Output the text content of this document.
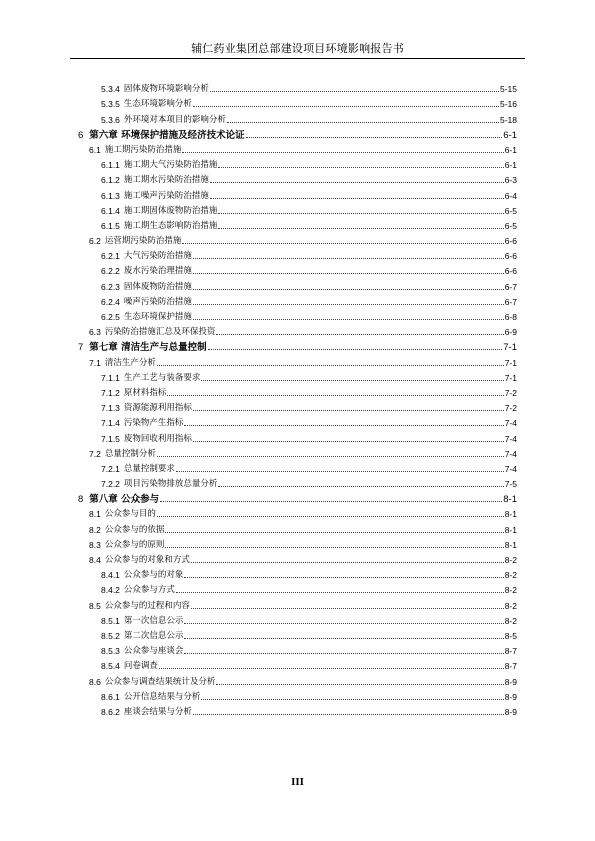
辅仁药业集团总部建设项目环境影响报告书
5.3.4 固体废物环境影响分析	5-15
5.3.5 生态环境影响分析	5-16
5.3.6 外环境对本项目的影响分析	5-18
6 第六章 环境保护措施及经济技术论证	6-1
6.1 施工期污染防治措施	6-1
6.1.1 施工期大气污染防治措施	6-1
6.1.2 施工期水污染防治措施	6-3
6.1.3 施工噪声污染防治措施	6-4
6.1.4 施工期固体废物防治措施	6-5
6.1.5 施工期生态影响防治措施	6-5
6.2 运营期污染防治措施	6-6
6.2.1 大气污染防治措施	6-6
6.2.2 废水污染治理措施	6-6
6.2.3 固体废物防治措施	6-7
6.2.4 噪声污染防治措施	6-7
6.2.5 生态环境保护措施	6-8
6.3 污染防治措施汇总及环保投资	6-9
7 第七章 清洁生产与总量控制	7-1
7.1 清洁生产分析	7-1
7.1.1 生产工艺与装备要求	7-1
7.1.2 原材料指标	7-2
7.1.3 资源能源利用指标	7-2
7.1.4 污染物产生指标	7-4
7.1.5 废物回收利用指标	7-4
7.2 总量控制分析	7-4
7.2.1 总量控制要求	7-4
7.2.2 项目污染物排放总量分析	7-5
8 第八章 公众参与	8-1
8.1 公众参与目的	8-1
8.2 公众参与的依据	8-1
8.3 公众参与的原则	8-1
8.4 公众参与的对象和方式	8-2
8.4.1 公众参与的对象	8-2
8.4.2 公众参与方式	8-2
8.5 公众参与的过程和内容	8-2
8.5.1 第一次信息公示	8-2
8.5.2 第二次信息公示	8-5
8.5.3 公众参与座谈会	8-7
8.5.4 问卷调查	8-7
8.6 公众参与调查结果统计及分析	8-9
8.6.1 公开信息结果与分析	8-9
8.6.2 座谈会结果与分析	8-9
III
